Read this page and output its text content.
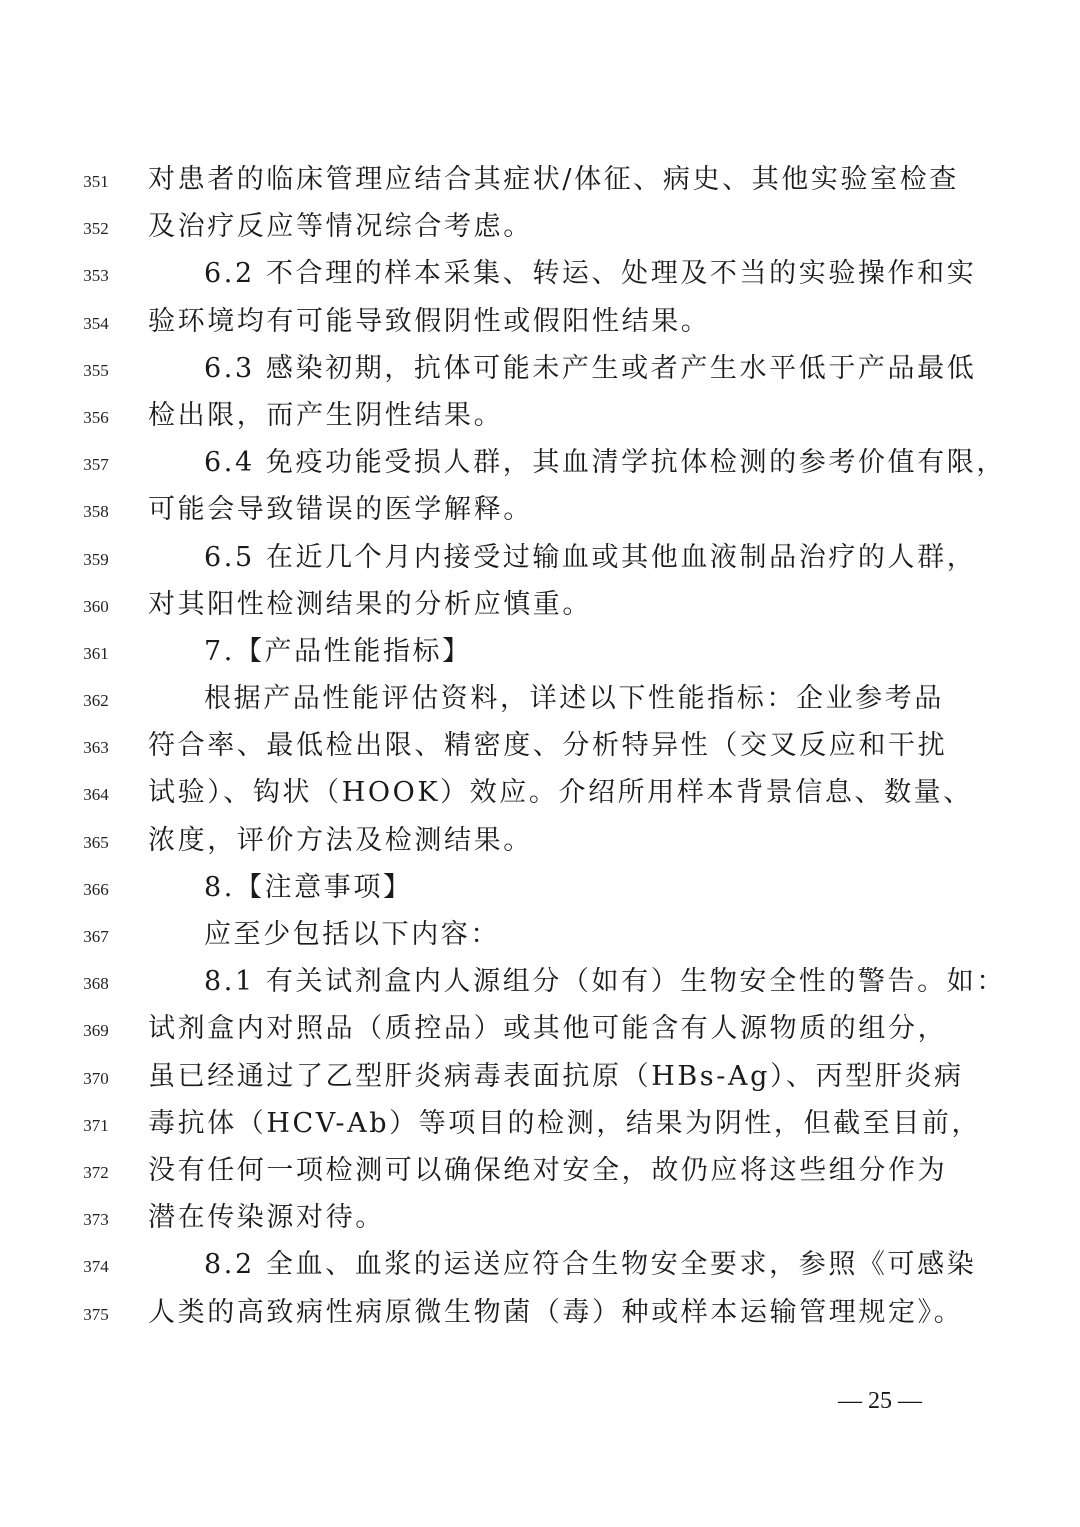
351	对患者的临床管理应结合其症状/体征、病史、其他实验室检查
352	及治疗反应等情况综合考虑。
353	6.2 不合理的样本采集、转运、处理及不当的实验操作和实
354	验环境均有可能导致假阴性或假阳性结果。
355	6.3 感染初期，抗体可能未产生或者产生水平低于产品最低
356	检出限，而产生阴性结果。
357	6.4 免疫功能受损人群，其血清学抗体检测的参考价值有限，
358	可能会导致错误的医学解释。
359	6.5 在近几个月内接受过输血或其他血液制品治疗的人群，
360	对其阳性检测结果的分析应慎重。
361	7.【产品性能指标】
362	根据产品性能评估资料，详述以下性能指标：企业参考品
363	符合率、最低检出限、精密度、分析特异性（交叉反应和干扰
364	试验）、钩状（HOOK）效应。介绍所用样本背景信息、数量、
365	浓度，评价方法及检测结果。
366	8.【注意事项】
367	应至少包括以下内容：
368	8.1 有关试剂盒内人源组分（如有）生物安全性的警告。如：
369	试剂盒内对照品（质控品）或其他可能含有人源物质的组分，
370	虽已经通过了乙型肝炎病毒表面抗原（HBs-Ag）、丙型肝炎病
371	毒抗体（HCV-Ab）等项目的检测，结果为阴性，但截至目前，
372	没有任何一项检测可以确保绝对安全，故仍应将这些组分作为
373	潜在传染源对待。
374	8.2 全血、血浆的运送应符合生物安全要求，参照《可感染
375	人类的高致病性病原微生物菌（毒）种或样本运输管理规定》。
— 25 —
